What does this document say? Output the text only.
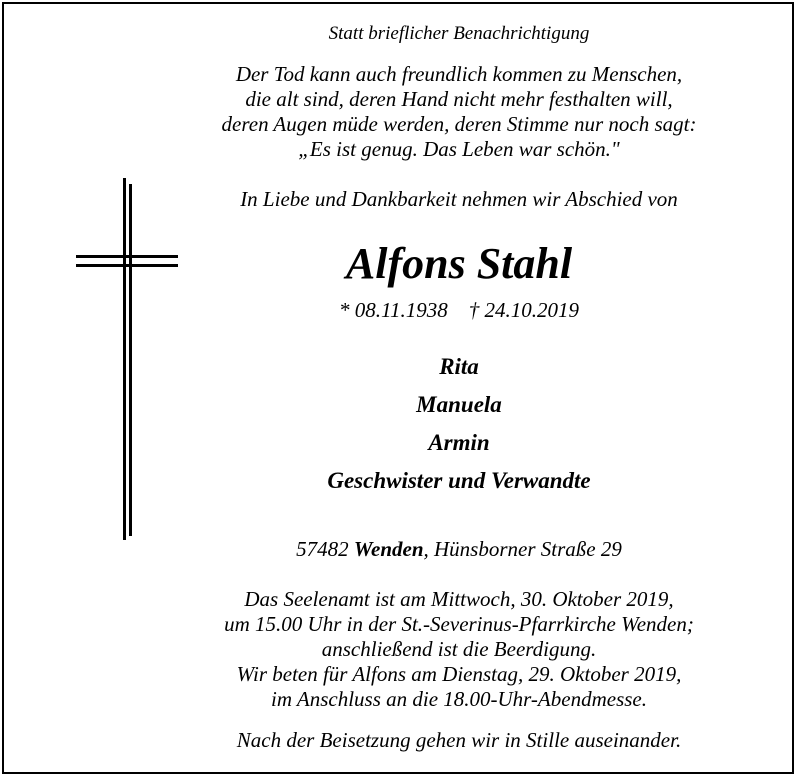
Statt brieflicher Benachrichtigung
Der Tod kann auch freundlich kommen zu Menschen,
die alt sind, deren Hand nicht mehr festhalten will,
deren Augen müde werden, deren Stimme nur noch sagt:
„Es ist genug. Das Leben war schön."
In Liebe und Dankbarkeit nehmen wir Abschied von
Alfons Stahl
* 08.11.1938    † 24.10.2019
Rita
Manuela
Armin
Geschwister und Verwandte
57482 Wenden, Hünsborner Straße 29
Das Seelenamt ist am Mittwoch, 30. Oktober 2019,
um 15.00 Uhr in der St.-Severinus-Pfarrkirche Wenden;
anschließend ist die Beerdigung.
Wir beten für Alfons am Dienstag, 29. Oktober 2019,
im Anschluss an die 18.00-Uhr-Abendmesse.
Nach der Beisetzung gehen wir in Stille auseinander.
